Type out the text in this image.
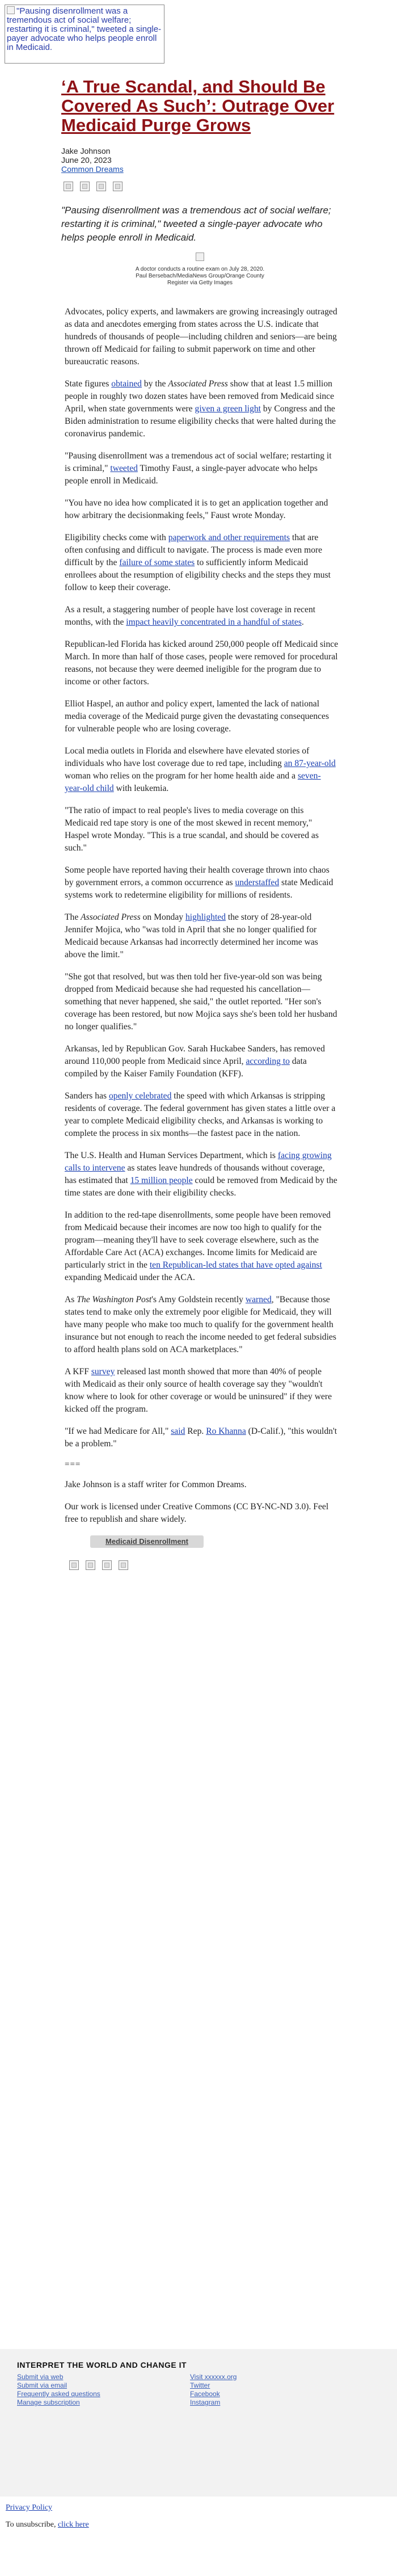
"Pausing disenrollment was a tremendous act of social welfare; restarting it is criminal," tweeted a single-payer advocate who helps people enroll in Medicaid.
‘A True Scandal, and Should Be Covered As Such’: Outrage Over Medicaid Purge Grows
Jake Johnson
June 20, 2023
Common Dreams

"Pausing disenrollment was a tremendous act of social welfare; restarting it is criminal," tweeted a single-payer advocate who helps people enroll in Medicaid.

A doctor conducts a routine exam on July 28, 2020.
Paul Bersebach/MediaNews Group/Orange County
Register via Getty Images

Advocates, policy experts, and lawmakers are growing increasingly outraged as data and anecdotes emerging from states across the U.S. indicate that hundreds of thousands of people—including children and seniors—are being thrown off Medicaid for failing to submit paperwork on time and other bureaucratic reasons.

State figures obtained by the Associated Press show that at least 1.5 million people in roughly two dozen states have been removed from Medicaid since April, when state governments were given a green light by Congress and the Biden administration to resume eligibility checks that were halted during the coronavirus pandemic.

"Pausing disenrollment was a tremendous act of social welfare; restarting it is criminal," tweeted Timothy Faust, a single-payer advocate who helps people enroll in Medicaid.

"You have no idea how complicated it is to get an application together and how arbitrary the decisionmaking feels," Faust wrote Monday.

Eligibility checks come with paperwork and other requirements that are often confusing and difficult to navigate. The process is made even more difficult by the failure of some states to sufficiently inform Medicaid enrollees about the resumption of eligibility checks and the steps they must follow to keep their coverage.

As a result, a staggering number of people have lost coverage in recent months, with the impact heavily concentrated in a handful of states.

Republican-led Florida has kicked around 250,000 people off Medicaid since March. In more than half of those cases, people were removed for procedural reasons, not because they were deemed ineligible for the program due to income or other factors.

Elliot Haspel, an author and policy expert, lamented the lack of national media coverage of the Medicaid purge given the devastating consequences for vulnerable people who are losing coverage.

Local media outlets in Florida and elsewhere have elevated stories of individuals who have lost coverage due to red tape, including an 87-year-old woman who relies on the program for her home health aide and a seven-year-old child with leukemia.

"The ratio of impact to real people's lives to media coverage on this Medicaid red tape story is one of the most skewed in recent memory," Haspel wrote Monday. "This is a true scandal, and should be covered as such."

Some people have reported having their health coverage thrown into chaos by government errors, a common occurrence as understaffed state Medicaid systems work to redetermine eligibility for millions of residents.

The Associated Press on Monday highlighted the story of 28-year-old Jennifer Mojica, who "was told in April that she no longer qualified for Medicaid because Arkansas had incorrectly determined her income was above the limit."

"She got that resolved, but was then told her five-year-old son was being dropped from Medicaid because she had requested his cancellation—something that never happened, she said," the outlet reported. "Her son's coverage has been restored, but now Mojica says she's been told her husband no longer qualifies."

Arkansas, led by Republican Gov. Sarah Huckabee Sanders, has removed around 110,000 people from Medicaid since April, according to data compiled by the Kaiser Family Foundation (KFF).

Sanders has openly celebrated the speed with which Arkansas is stripping residents of coverage. The federal government has given states a little over a year to complete Medicaid eligibility checks, and Arkansas is working to complete the process in six months—the fastest pace in the nation.

The U.S. Health and Human Services Department, which is facing growing calls to intervene as states leave hundreds of thousands without coverage, has estimated that 15 million people could be removed from Medicaid by the time states are done with their eligibility checks.

In addition to the red-tape disenrollments, some people have been removed from Medicaid because their incomes are now too high to qualify for the program—meaning they'll have to seek coverage elsewhere, such as the Affordable Care Act (ACA) exchanges. Income limits for Medicaid are particularly strict in the ten Republican-led states that have opted against expanding Medicaid under the ACA.

As The Washington Post's Amy Goldstein recently warned, "Because those states tend to make only the extremely poor eligible for Medicaid, they will have many people who make too much to qualify for the government health insurance but not enough to reach the income needed to get federal subsidies to afford health plans sold on ACA marketplaces."

A KFF survey released last month showed that more than 40% of people with Medicaid as their only source of health coverage say they "wouldn't know where to look for other coverage or would be uninsured" if they were kicked off the program.

"If we had Medicare for All," said Rep. Ro Khanna (D-Calif.), "this wouldn't be a problem."

===

Jake Johnson is a staff writer for Common Dreams.

Our work is licensed under Creative Commons (CC BY-NC-ND 3.0). Feel free to republish and share widely.

Medicaid Disenrollment
INTERPRET THE WORLD AND CHANGE IT
Submit via web
Submit via email
Frequently asked questions
Manage subscription
Visit xxxxxx.org
Twitter
Facebook
Instagram
Privacy Policy
To unsubscribe, click here
